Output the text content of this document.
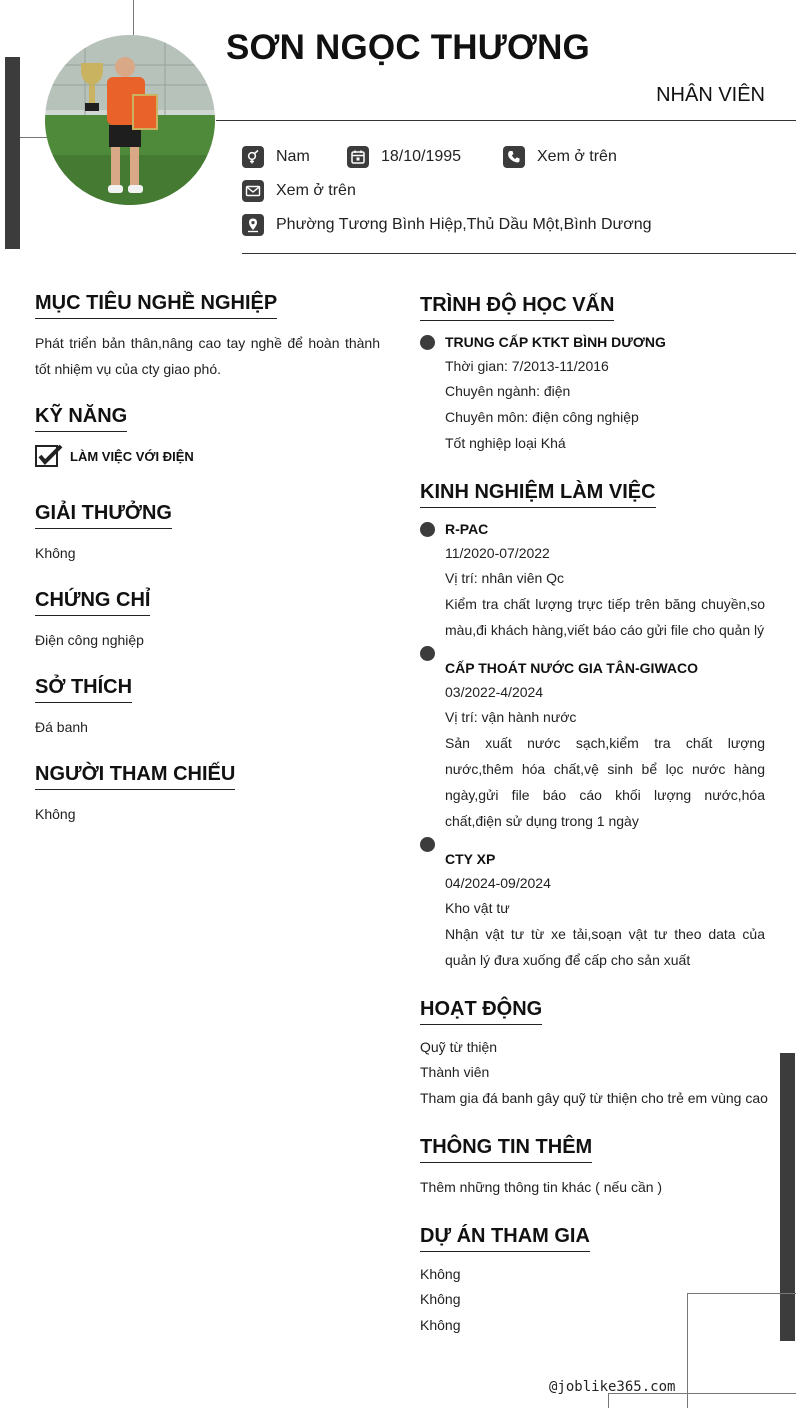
SƠN NGỌC THƯƠNG
NHÂN VIÊN
Nam	18/10/1995	Xem ở trên
Xem ở trên
Phường Tương Bình Hiệp,Thủ Dầu Một,Bình Dương
MỤC TIÊU NGHỀ NGHIỆP
Phát triển bản thân,nâng cao tay nghề để hoàn thành tốt nhiệm vụ của cty giao phó.
KỸ NĂNG
LÀM VIỆC VỚI ĐIỆN
GIẢI THƯỞNG
Không
CHỨNG CHỈ
Điện công nghiệp
SỞ THÍCH
Đá banh
NGƯỜI THAM CHIẾU
Không
TRÌNH ĐỘ HỌC VẤN
TRUNG CẤP KTKT BÌNH DƯƠNG
Thời gian: 7/2013-11/2016
Chuyên ngành: điện
Chuyên môn: điện công nghiệp
Tốt nghiệp loại Khá
KINH NGHIỆM LÀM VIỆC
R-PAC
11/2020-07/2022
Vị trí: nhân viên Qc
Kiểm tra chất lượng trực tiếp trên băng chuyền,so màu,đi khách hàng,viết báo cáo gửi file cho quản lý
CẤP THOÁT NƯỚC GIA TÂN-GIWACO
03/2022-4/2024
Vị trí: vận hành nước
Sản xuất nước sạch,kiểm tra chất lượng nước,thêm hóa chất,vệ sinh bể lọc nước hàng ngày,gửi file báo cáo khối lượng nước,hóa chất,điện sử dụng trong 1 ngày
CTY XP
04/2024-09/2024
Kho vật tư
Nhận vật tư từ xe tải,soạn vật tư theo data của quản lý đưa xuống để cấp cho sản xuất
HOẠT ĐỘNG
Quỹ từ thiện
Thành viên
Tham gia đá banh gây quỹ từ thiện cho trẻ em vùng cao
THÔNG TIN THÊM
Thêm những thông tin khác ( nếu cần )
DỰ ÁN THAM GIA
Không
Không
Không
@joblike365.com
